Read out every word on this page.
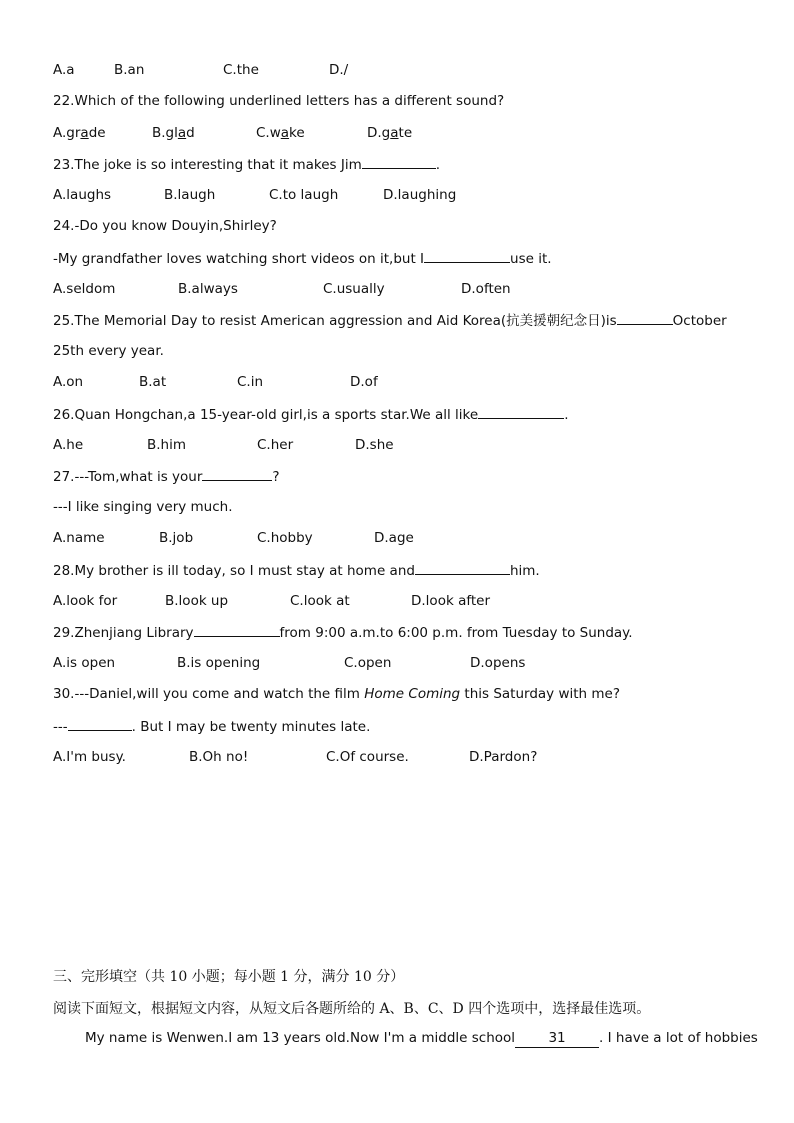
A.a	B.an	C.the	D./
22.Which of the following underlined letters has a different sound?
A.grade	B.glad	C.wake	D.gate
23.The joke is so interesting that it makes Jim	.
A.laughs	B.laugh	C.to laugh	D.laughing
24.-Do you know Douyin,Shirley?
-My grandfather loves watching short videos on it,but I	use it.
A.seldom	B.always	C.usually	D.often
25.The Memorial Day to resist American aggression and Aid Korea(抗美援朝纪念日)is	October
25th every year.
A.on	B.at	C.in	D.of
26.Quan Hongchan,a 15-year-old girl,is a sports star.We all like	.
A.he	B.him	C.her	D.she
27.---Tom,what is your	?
---I like singing very much.
A.name	B.job	C.hobby	D.age
28.My brother is ill today, so I must stay at home and	him.
A.look for	B.look up	C.look at	D.look after
29.Zhenjiang Library	from 9:00 a.m.to 6:00 p.m. from Tuesday to Sunday.
A.is open	B.is opening	C.open	D.opens
30.---Daniel,will you come and watch the film Home Coming this Saturday with me?
---	. But I may be twenty minutes late.
A.I'm busy.	B.Oh no!	C.Of course.	D.Pardon?
三、完形填空（共 10 小题；每小题 1 分，满分 10 分）
阅读下面短文，根据短文内容，从短文后各题所给的 A、B、C、D 四个选项中，选择最佳选项。
My name is Wenwen.I am 13 years old.Now I'm a middle school 31 . I have a lot of hobbies
